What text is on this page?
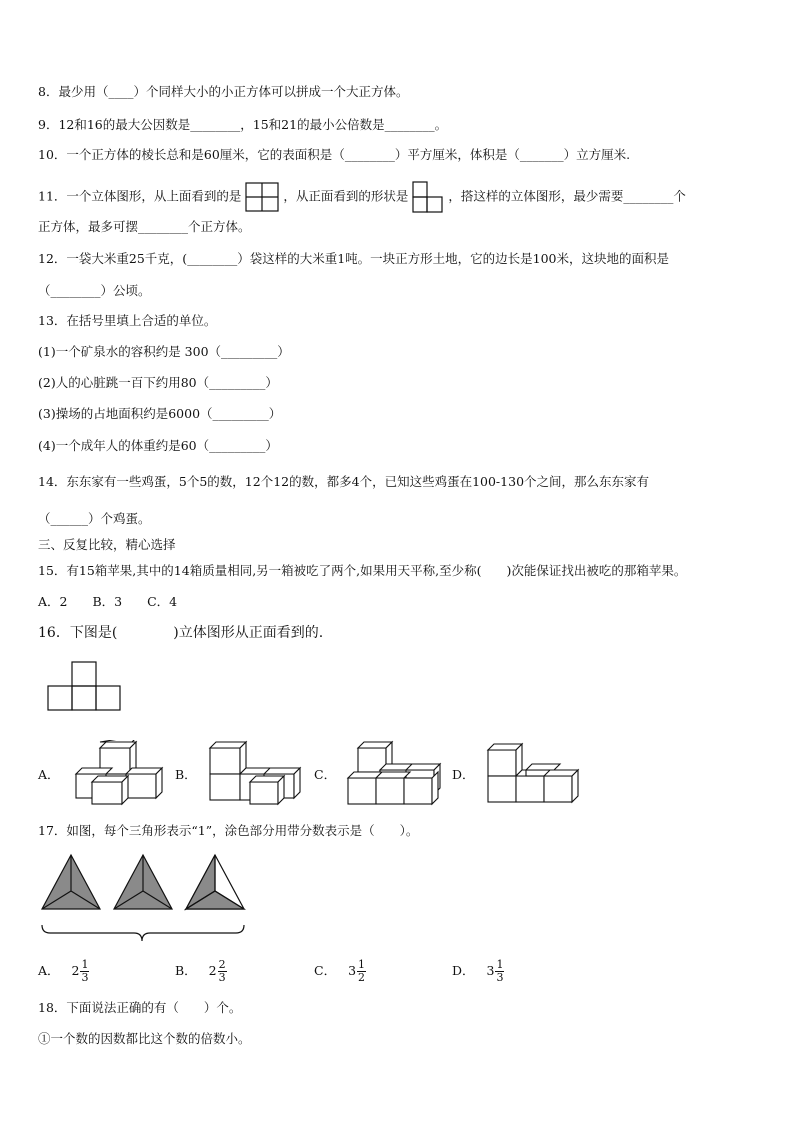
8．最少用（____）个同样大小的小正方体可以拼成一个大正方体。
9．12和16的最大公因数是________，15和21的最小公倍数是________。
10．一个正方体的棱长总和是60厘米，它的表面积是（________）平方厘米，体积是（_______）立方厘米.
11．一个立体图形，从上面看到的是	，从正面看到的形状是	，搭这样的立体图形，最少需要________个
正方体，最多可摆________个正方体。
12．一袋大米重25千克，(________）袋这样的大米重1吨。一块正方形土地，它的边长是100米，这块地的面积是
（________）公顷。
13．在括号里填上合适的单位。
(1)一个矿泉水的容积约是 300（_________）
(2)人的心脏跳一百下约用80（_________）
(3)操场的占地面积约是6000（_________）
(4)一个成年人的体重约是60（_________）
14．东东家有一些鸡蛋，5个5的数，12个12的数，都多4个，已知这些鸡蛋在100-130个之间，那么东东家有
（______）个鸡蛋。
三、反复比较，精心选择
15．有15箱苹果,其中的14箱质量相同,另一箱被吃了两个,如果用天平称,至少称(　　)次能保证找出被吃的那箱苹果。
A．2　　B．3　　C．4
16．下图是(　　　　)立体图形从正面看到的.
A．	B．	C．	D．
17．如图，每个三角形表示“1”，涂色部分用带分数表示是（　　）。
A． $2 \frac{1}{3}$	B． $2 \frac{2}{3}$	C． $3 \frac{1}{2}$	D． $3 \frac{1}{3}$
18．下面说法正确的有（　　）个。
①一个数的因数都比这个数的倍数小。
